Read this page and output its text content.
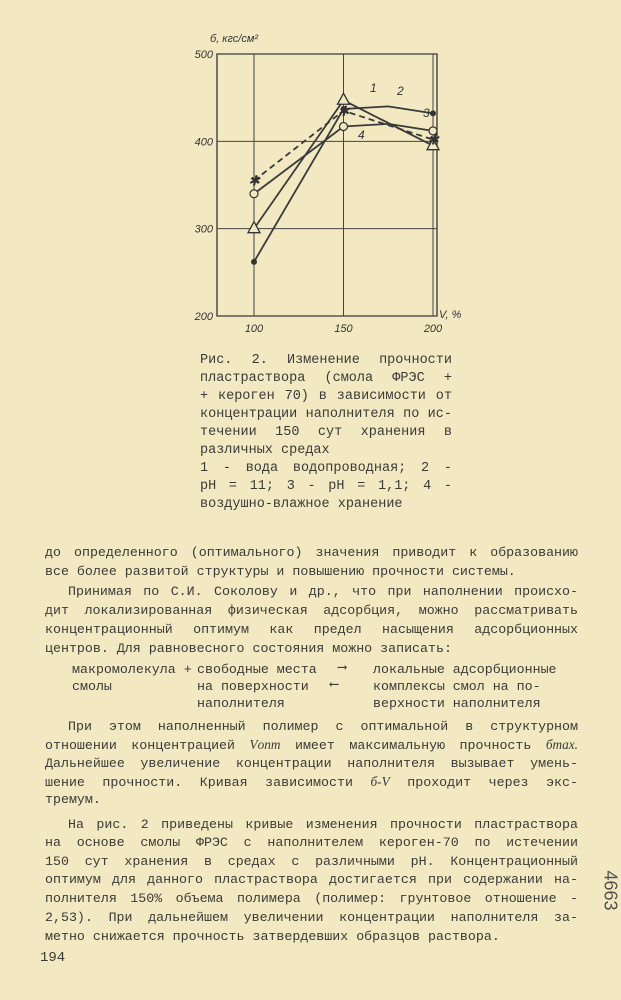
100	150	200
200
300
400
500
б, кгс/см²
V, %
1 2
3
✱
✱
✱
4
Рис. 2. Изменение прочности
пластраствора (смола ФРЭС +
+ кероген 70) в зависимости от
концентрации наполнителя по ис-
течении 150 сут хранения в
различных средах
1 - вода водопроводная; 2 -
pH = 11; 3 - pH = 1,1; 4 -
воздушно-влажное хранение
до определенного (оптимального) значения приводит к образованию
все более развитой структуры и повышению прочности системы.
Принимая по С.И. Соколову и др., что при наполнении происхо-
дит локализированная физическая адсорбция, можно рассматривать
концентрационный оптимум как предел насыщения адсорбционных
центров. Для равновесного состояния можно записать:
макромолекула +
смолы
свободные места
на поверхности
наполнителя
⟶
⟵
локальные адсорбционные
комплексы смол на по-
верхности наполнителя
При этом наполненный полимер с оптимальной в структурном
отношении концентрацией Vопт имеет максимальную прочность бmax.
Дальнейшее увеличение концентрации наполнителя вызывает умень-
шение прочности. Кривая зависимости б-V проходит через экс-
тремум.
На рис. 2 приведены кривые изменения прочности пластраствора
на основе смолы ФРЭС с наполнителем кероген-70 по истечении
150 сут хранения в средах с различными pH. Концентрационный
оптимум для данного пластраствора достигается при содержании на-
полнителя 150% объема полимера (полимер: грунтовое отношение -
2,53). При дальнейшем увеличении концентрации наполнителя за-
метно снижается прочность затвердевших образцов раствора.
194
4663
